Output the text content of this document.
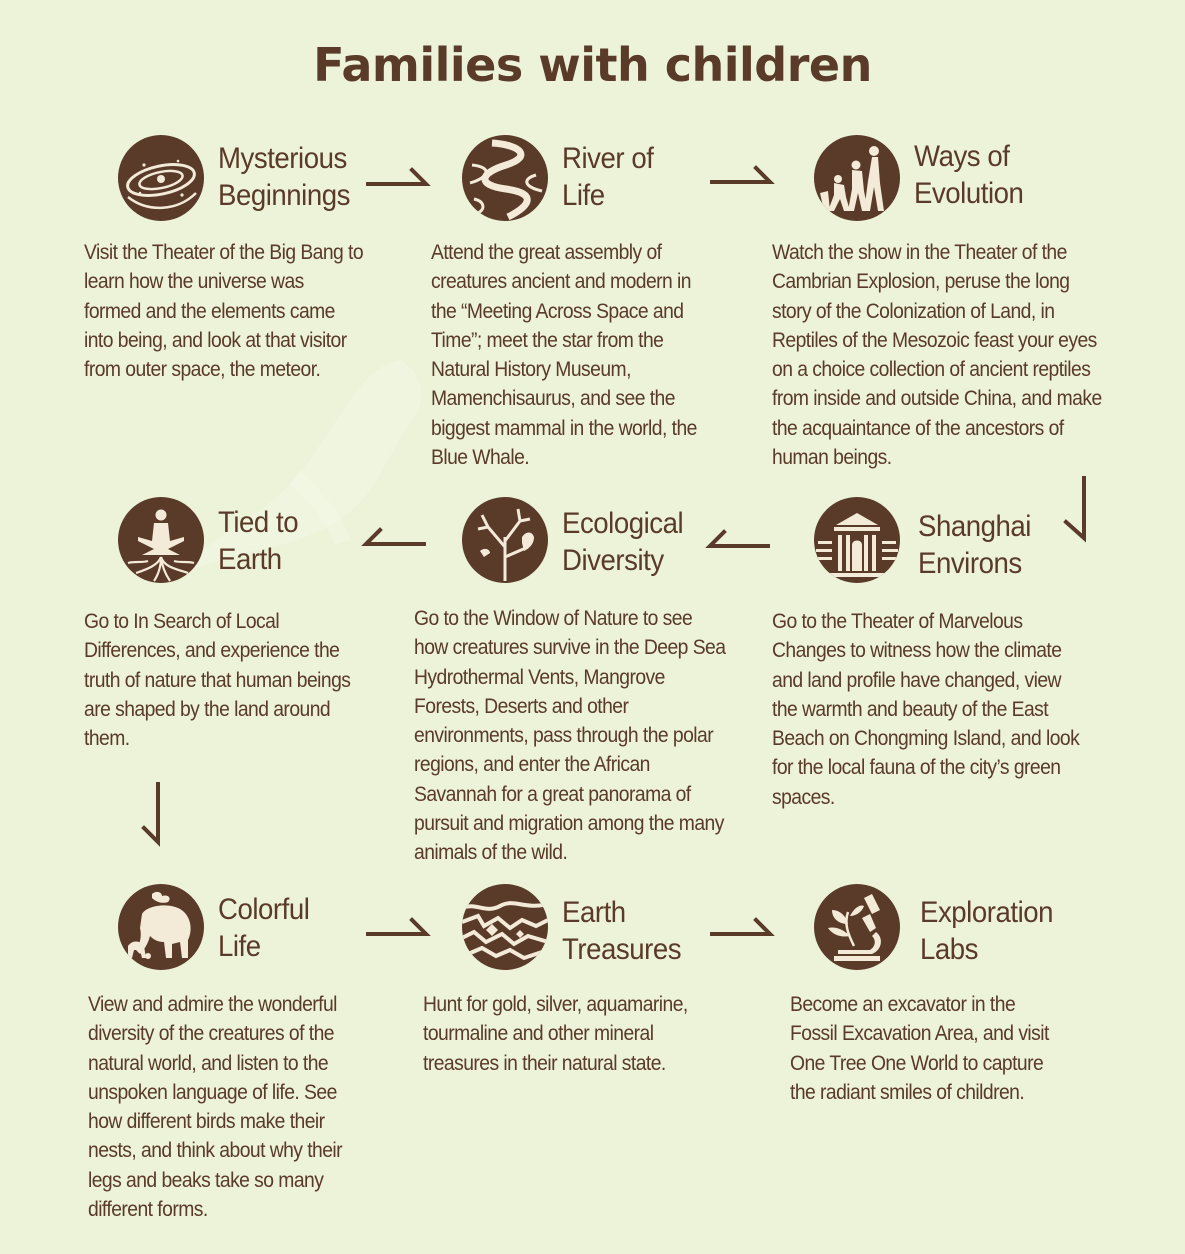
Families with children
Mysterious
Beginnings

Visit the Theater of the Big Bang to learn how the universe was formed and the elements came into being, and look at that visitor from outer space, the meteor.

River of
Life

Attend the great assembly of creatures ancient and modern in the “Meeting Across Space and Time”; meet the star from the Natural History Museum, Mamenchisaurus, and see the biggest mammal in the world, the Blue Whale.

Ways of
Evolution

Watch the show in the Theater of the Cambrian Explosion, peruse the long story of the Colonization of Land, in Reptiles of the Mesozoic feast your eyes on a choice collection of ancient reptiles from inside and outside China, and make the acquaintance of the ancestors of human beings.

Tied to
Earth

Go to In Search of Local Differences, and experience the truth of nature that human beings are shaped by the land around them.

Ecological
Diversity

Go to the Window of Nature to see how creatures survive in the Deep Sea Hydrothermal Vents, Mangrove Forests, Deserts and other environments, pass through the polar regions, and enter the African Savannah for a great panorama of pursuit and migration among the many animals of the wild.

Shanghai
Environs

Go to the Theater of Marvelous Changes to witness how the climate and land profile have changed, view the warmth and beauty of the East Beach on Chongming Island, and look for the local fauna of the city’s green spaces.

Colorful
Life

View and admire the wonderful diversity of the creatures of the natural world, and listen to the unspoken language of life. See how different birds make their nests, and think about why their legs and beaks take so many different forms.

Earth
Treasures

Hunt for gold, silver, aquamarine, tourmaline and other mineral treasures in their natural state.

Exploration
Labs

Become an excavator in the Fossil Excavation Area, and visit One Tree One World to capture the radiant smiles of children.
